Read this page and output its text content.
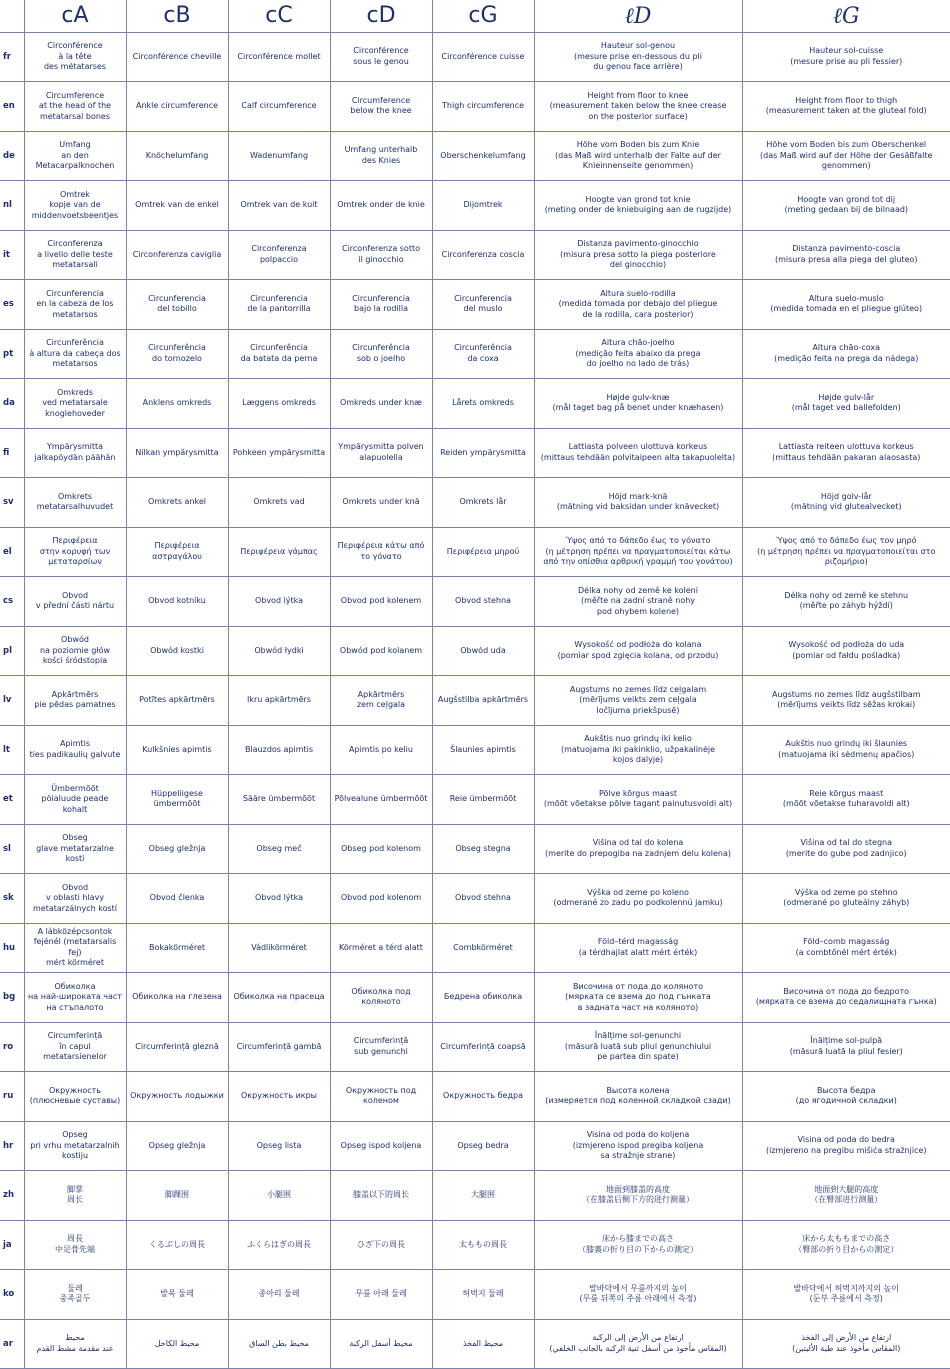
	cA	cB	cC	cD	cG	ℓD	ℓG
fr	Circonférence
à la tête
des métatarses	Circonférence cheville	Circonférence mollet	Circonférence
sous le genou	Circonférence cuisse	Hauteur sol-genou
(mesure prise en-dessous du pli
du genou face arrière)	Hauteur sol-cuisse
(mesure prise au pli fessier)
en	Circumference
at the head of the
metatarsal bones	Ankle circumference	Calf circumference	Circumference
below the knee	Thigh circumference	Height from floor to knee
(measurement taken below the knee crease
on the posterior surface)	Height from floor to thigh
(measurement taken at the gluteal fold)
de	Umfang
an den
Metacarpalknochen	Knöchelumfang	Wadenumfang	Umfang unterhalb
des Knies	Oberschenkelumfang	Höhe vom Boden bis zum Knie
(das Maß wird unterhalb der Falte auf der
Knieinnenseite genommen)	Höhe vom Boden bis zum Oberschenkel
(das Maß wird auf der Höhe der Gesäßfalte
genommen)
nl	Omtrek
kopje van de
middenvoetsbeentjes	Omtrek van de enkel	Omtrek van de kuit	Omtrek onder de knie	Dijomtrek	Hoogte van grond tot knie
(meting onder de kniebuiging aan de rugzijde)	Hoogte van grond tot dij
(meting gedaan bij de bilnaad)
it	Circonferenza
a livello delle teste
metatarsali	Circonferenza caviglia	Circonferenza
polpaccio	Circonferenza sotto
il ginocchio	Circonferenza coscia	Distanza pavimento-ginocchio
(misura presa sotto la piega posteriore
del ginocchio)	Distanza pavimento-coscia
(misura presa alla piega del gluteo)
es	Circunferencia
en la cabeza de los
metatarsos	Circunferencia
del tobillo	Circunferencia
de la pantorrilla	Circunferencia
bajo la rodilla	Circunferencia
del muslo	Altura suelo-rodilla
(medida tomada por debajo del pliegue
de la rodilla, cara posterior)	Altura suelo-muslo
(medida tomada en el pliegue glúteo)
pt	Circunferência
à altura da cabeça dos
metatarsos	Circunferência
do tornozelo	Circunferência
da batata da perna	Circunferência
sob o joelho	Circunferência
da coxa	Altura chão-joelho
(medição feita abaixo da prega
do joelho no lado de trás)	Altura chão-coxa
(medição feita na prega da nádega)
da	Omkreds
ved metatarsale
knoglehoveder	Anklens omkreds	Læggens omkreds	Omkreds under knæ	Lårets omkreds	Højde gulv-knæ
(mål taget bag på benet under knæhasen)	Højde gulv-lår
(mål taget ved ballefolden)
fi	Ympärysmitta
jalkapöydän päähän	Nilkan ympärysmitta	Pohkeen ympärysmitta	Ympärysmitta polven
alapuolella	Reiden ympärysmitta	Lattiasta polveen ulottuva korkeus
(mittaus tehdään polvitaipeen alta takapuolelta)	Lattiasta reiteen ulottuva korkeus
(mittaus tehdään pakaran alaosasta)
sv	Omkrets
metatarsalhuvudet	Omkrets ankel	Omkrets vad	Omkrets under knä	Omkrets lår	Höjd mark-knä
(mätning vid baksidan under knävecket)	Höjd golv-lår
(mätning vid glutealvecket)
el	Περιφέρεια
στην κορυφή των
μεταταρσίων	Περιφέρεια
αστραγάλου	Περιφέρεια γάμπας	Περιφέρεια κάτω από
το γόνατο	Περιφέρεια μηρού	Ύψος από το δάπεδο έως το γόνατο
(η μέτρηση πρέπει να πραγματοποιείται κάτω
από την οπίσθια αρθρική γραμμή του γονάτου)	Ύψος από το δάπεδο έως τον μηρό
(η μέτρηση πρέπει να πραγματοποιείται στο
ριζομήριο)
cs	Obvod
v přední části nártu	Obvod kotníku	Obvod lýtka	Obvod pod kolenem	Obvod stehna	Délka nohy od země ke koleni
(měřte na zadní straně nohy
pod ohybem kolene)	Délka nohy od země ke stehnu
(měřte po záhyb hýždí)
pl	Obwód
na poziomie głów
kości śródstopia	Obwód kostki	Obwód łydki	Obwód pod kolanem	Obwód uda	Wysokość od podłoża do kolana
(pomiar spod zgięcia kolana, od przodu)	Wysokość od podłoża do uda
(pomiar od fałdu pośladka)
lv	Apkārtmērs
pie pēdas pamatnes	Potītes apkārtmērs	Ikru apkārtmērs	Apkārtmērs
zem ceļgala	Augšstilba apkārtmērs	Augstums no zemes līdz ceļgalam
(mērījums veikts zem ceļgala
ločījuma priekšpusē)	Augstums no zemes līdz augšstilbam
(mērījums veikts līdz sēžas krokai)
lt	Apimtis
ties padikaulių galvute	Kulkšnies apimtis	Blauzdos apimtis	Apimtis po keliu	Šlaunies apimtis	Aukštis nuo grindų iki kelio
(matuojama iki pakinklio, užpakalinėje
kojos dalyje)	Aukštis nuo grindų iki šlaunies
(matuojama iki sėdmenų apačios)
et	Ümbermõõt
pöialuude peade
kohalt	Hüppeliigese
ümbermõõt	Sääre ümbermõõt	Põlvealune ümbermõõt	Reie ümbermõõt	Põlve kõrgus maast
(mõõt võetakse põlve tagant painutusvoldi alt)	Reie kõrgus maast
(mõõt võetakse tuharavoldi alt)
sl	Obseg
glave metatarzalne
kosti	Obseg gležnja	Obseg meč	Obseg pod kolenom	Obseg stegna	Višina od tal do kolena
(merite do prepogiba na zadnjem delu kolena)	Višina od tal do stegna
(merite do gube pod zadnjico)
sk	Obvod
v oblasti hlavy
metatarzálnych kostí	Obvod členka	Obvod lýtka	Obvod pod kolenom	Obvod stehna	Výška od zeme po koleno
(odmerané zo zadu po podkolennú jamku)	Výška od zeme po stehno
(odmerané po gluteálny záhyb)
hu	A lábközépcsontok
fejénél (metatarsalis fej)
mért körméret	Bokakörméret	Vádlikörméret	Körméret a térd alatt	Combkörméret	Föld–térd magasság
(a térdhajlat alatt mért érték)	Föld–comb magasság
(a combtőnél mért érték)
bg	Обиколка
на най-широката част
на стъпалото	Обиколка на глезена	Обиколка на прасеца	Обиколка под
коляното	Бедрена обиколка	Височина от пода до коляното
(мярката се взема до под гънката
в задната част на коляното)	Височина от пода до бедрото
(мярката се взема до седалищната гънка)
ro	Circumferință
în capul
metatarsienelor	Circumferință gleznă	Circumferință gambă	Circumferință
sub genunchi	Circumferință coapsă	Înălțime sol-genunchi
(măsură luată sub pliul genunchiului
pe partea din spate)	Înălțime sol-pulpă
(măsură luată la pliul fesier)
ru	Окружность
(плюсневые суставы)	Окружность лодыжки	Окружность икры	Окружность под
коленом	Окружность бедра	Высота колена
(измеряется под коленной складкой сзади)	Высота бедра
(до ягодичной складки)
hr	Opseg
pri vrhu metatarzalnih
kostiju	Opseg gležnja	Opseg lista	Opseg ispod koljena	Opseg bedra	Visina od poda do koljena
(izmjereno ispod pregiba koljena
sa stražnje strane)	Visina od poda do bedra
(izmjereno na pregibu mišića stražnjice)
zh	脚掌
周长	脚踝围	小腿围	膝盖以下的周长	大腿围	地面到膝盖的高度
（在膝盖后侧下方的进行测量）	地面到大腿的高度
（在臀部进行测量）
ja	周長
中足骨先端	くるぶしの周長	ふくらはぎの周長	ひざ下の周長	太ももの周長	床から膝までの高さ
（膝裏の折り目の下からの測定）	床から太ももまでの高さ
（臀部の折り目からの測定）
ko	둘레
중족골두	발목 둘레	종아리 둘레	무릎 아래 둘레	허벅지 둘레	발바닥에서 무릎까지의 높이
(무릎 뒤쪽의 주름 아래에서 측정)	발바닥에서 허벅지까지의 높이
(둔부 주름에서 측정)
ar	محيط
عند مقدمة مشط القدم	محيط الكاحل	محيط بطن الساق	محيط أسفل الركبة	محيط الفخذ	ارتفاع من الأرض إلى الركبة
(المقاس مأخوذ من أسفل ثنية الركبة بالجانب الخلفي)	ارتفاع من الأرض إلى الفخذ
(المقاس مأخوذ عند طية الأليتين)
